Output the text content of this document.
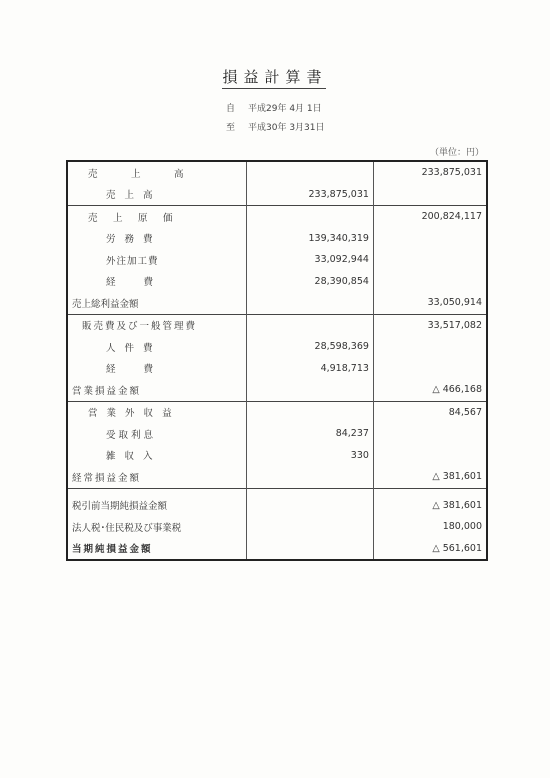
損益計算書
自 平成29年 4月 1日
至 平成30年 3月31日
（単位：円）
売　上　高		233,875,031
売 上 高	233,875,031	
売　上　原　価		200,824,117
労 務 費	139,340,319	
外注加工費	33,092,944	
経　　費	28,390,854	
売上総利益金額		33,050,914
販売費及び一般管理費		33,517,082
人 件 費	28,598,369	
経　　費	4,918,713	
営業損益金額		△ 466,168
営 業 外 収 益		84,567
受取利息	84,237	
雑 収 入	330	
経常損益金額		△ 381,601

税引前当期純損益金額		△ 381,601
法人税･住民税及び事業税		180,000
当期純損益金額		△ 561,601
